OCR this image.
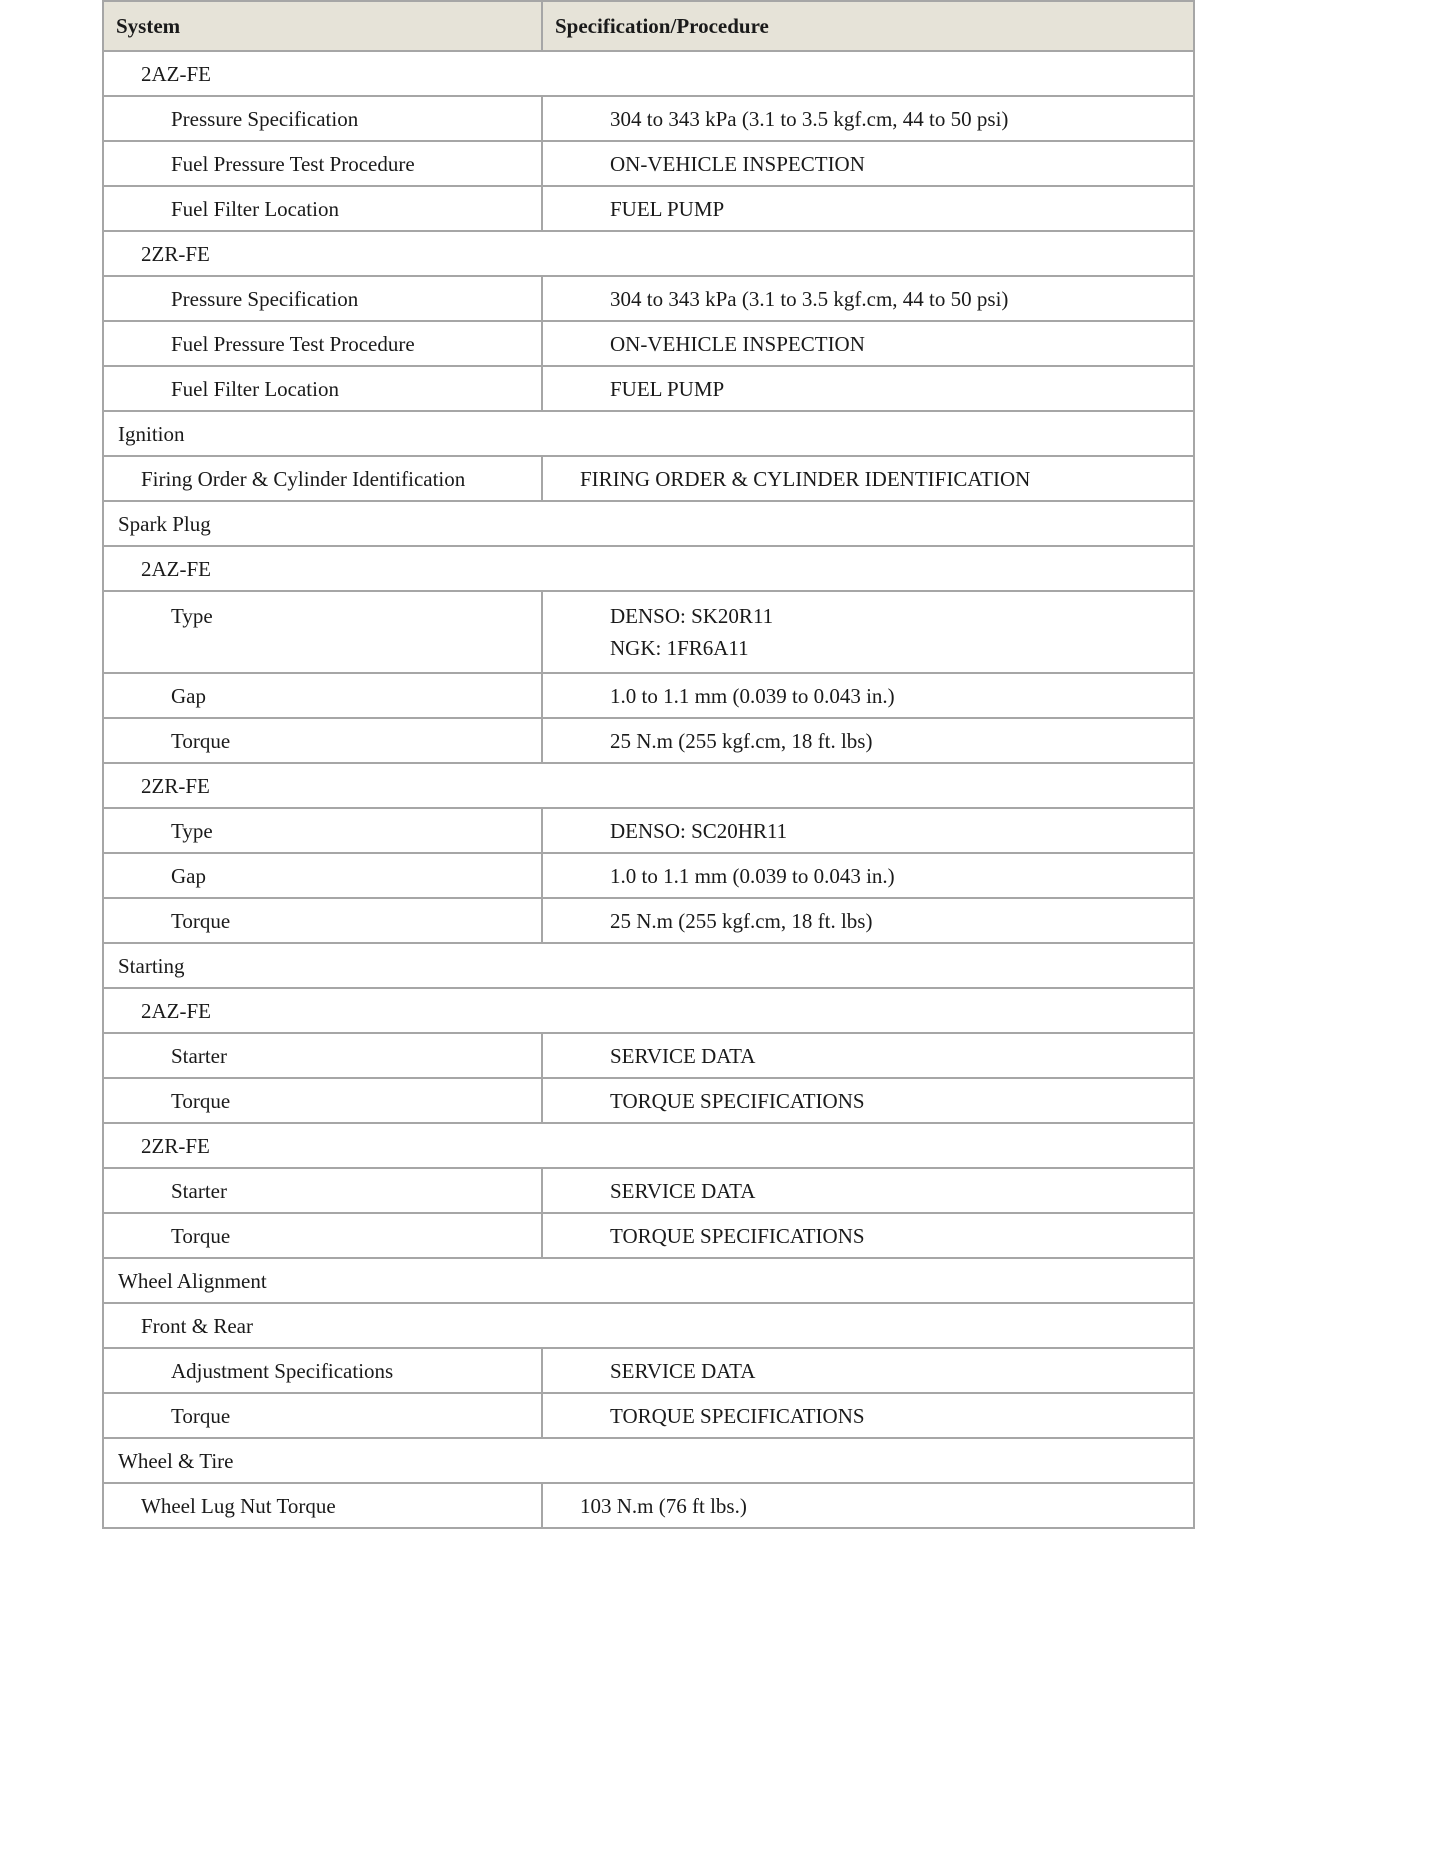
System	Specification/Procedure
2AZ-FE	
Pressure Specification	304 to 343 kPa (3.1 to 3.5 kgf.cm, 44 to 50 psi)

Fuel Pressure Test Procedure	ON-VEHICLE INSPECTION

Fuel Filter Location	FUEL PUMP

2ZR-FE	
Pressure Specification	304 to 343 kPa (3.1 to 3.5 kgf.cm, 44 to 50 psi)

Fuel Pressure Test Procedure	ON-VEHICLE INSPECTION

Fuel Filter Location	FUEL PUMP

Ignition	
Firing Order & Cylinder Identification	FIRING ORDER & CYLINDER IDENTIFICATION

Spark Plug	
2AZ-FE	
Type	DENSO: SK20R11
NGK: 1FR6A11

Gap	1.0 to 1.1 mm (0.039 to 0.043 in.)

Torque	25 N.m (255 kgf.cm, 18 ft. lbs)

2ZR-FE	
Type	DENSO: SC20HR11

Gap	1.0 to 1.1 mm (0.039 to 0.043 in.)

Torque	25 N.m (255 kgf.cm, 18 ft. lbs)

Starting	
2AZ-FE	
Starter	SERVICE DATA

Torque	TORQUE SPECIFICATIONS

2ZR-FE	
Starter	SERVICE DATA

Torque	TORQUE SPECIFICATIONS

Wheel Alignment	
Front & Rear	
Adjustment Specifications	SERVICE DATA

Torque	TORQUE SPECIFICATIONS

Wheel & Tire	
Wheel Lug Nut Torque	103 N.m (76 ft lbs.)
